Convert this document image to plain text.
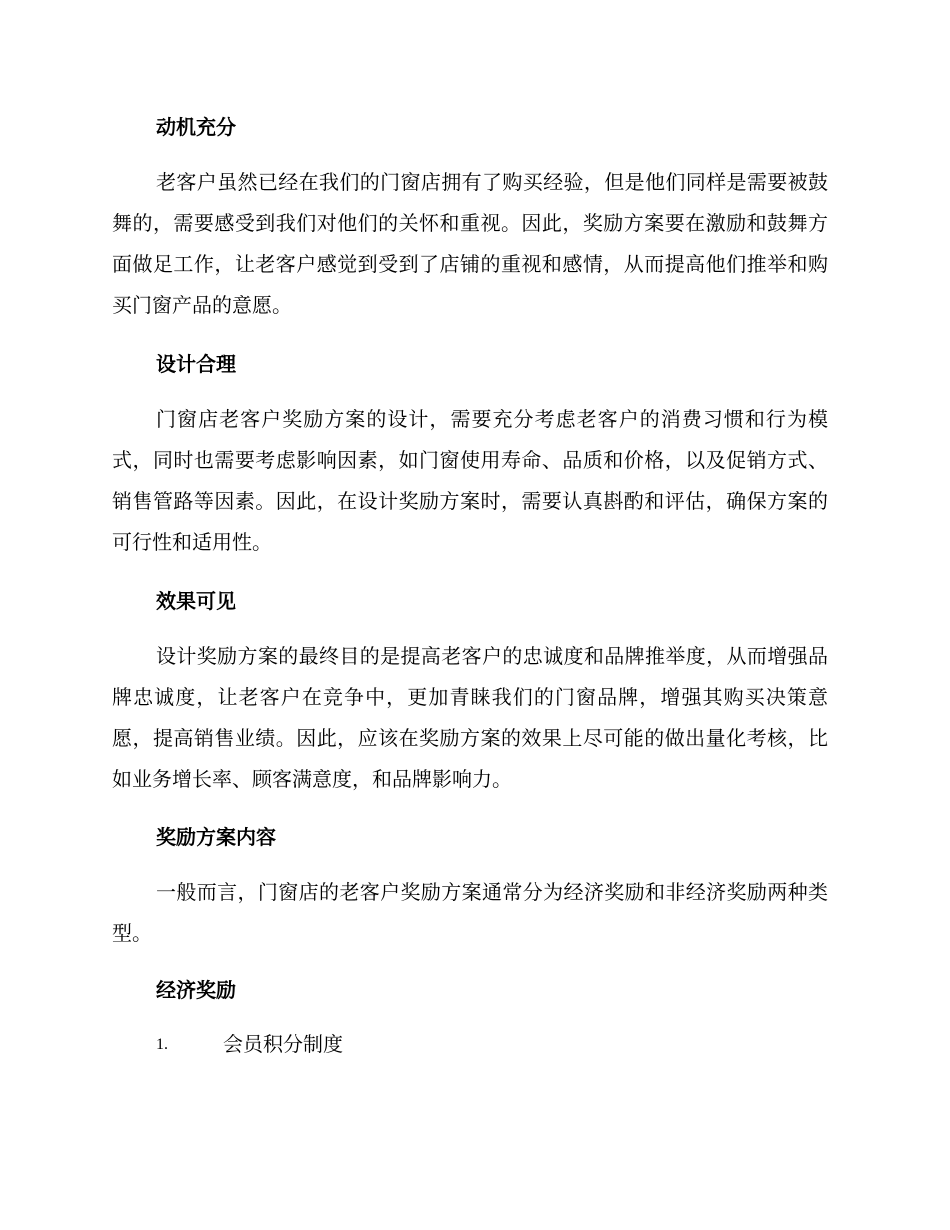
动机充分

老客户虽然已经在我们的门窗店拥有了购买经验，但是他们同样是需要被鼓舞的，需要感受到我们对他们的关怀和重视。因此，奖励方案要在激励和鼓舞方面做足工作，让老客户感觉到受到了店铺的重视和感情，从而提高他们推举和购买门窗产品的意愿。

设计合理

门窗店老客户奖励方案的设计，需要充分考虑老客户的消费习惯和行为模式，同时也需要考虑影响因素，如门窗使用寿命、品质和价格，以及促销方式、销售管路等因素。因此，在设计奖励方案时，需要认真斟酌和评估，确保方案的可行性和适用性。

效果可见

设计奖励方案的最终目的是提高老客户的忠诚度和品牌推举度，从而增强品牌忠诚度，让老客户在竞争中，更加青睐我们的门窗品牌，增强其购买决策意愿，提高销售业绩。因此，应该在奖励方案的效果上尽可能的做出量化考核，比如业务增长率、顾客满意度，和品牌影响力。

奖励方案内容

一般而言，门窗店的老客户奖励方案通常分为经济奖励和非经济奖励两种类型。

经济奖励
1.	会员积分制度
